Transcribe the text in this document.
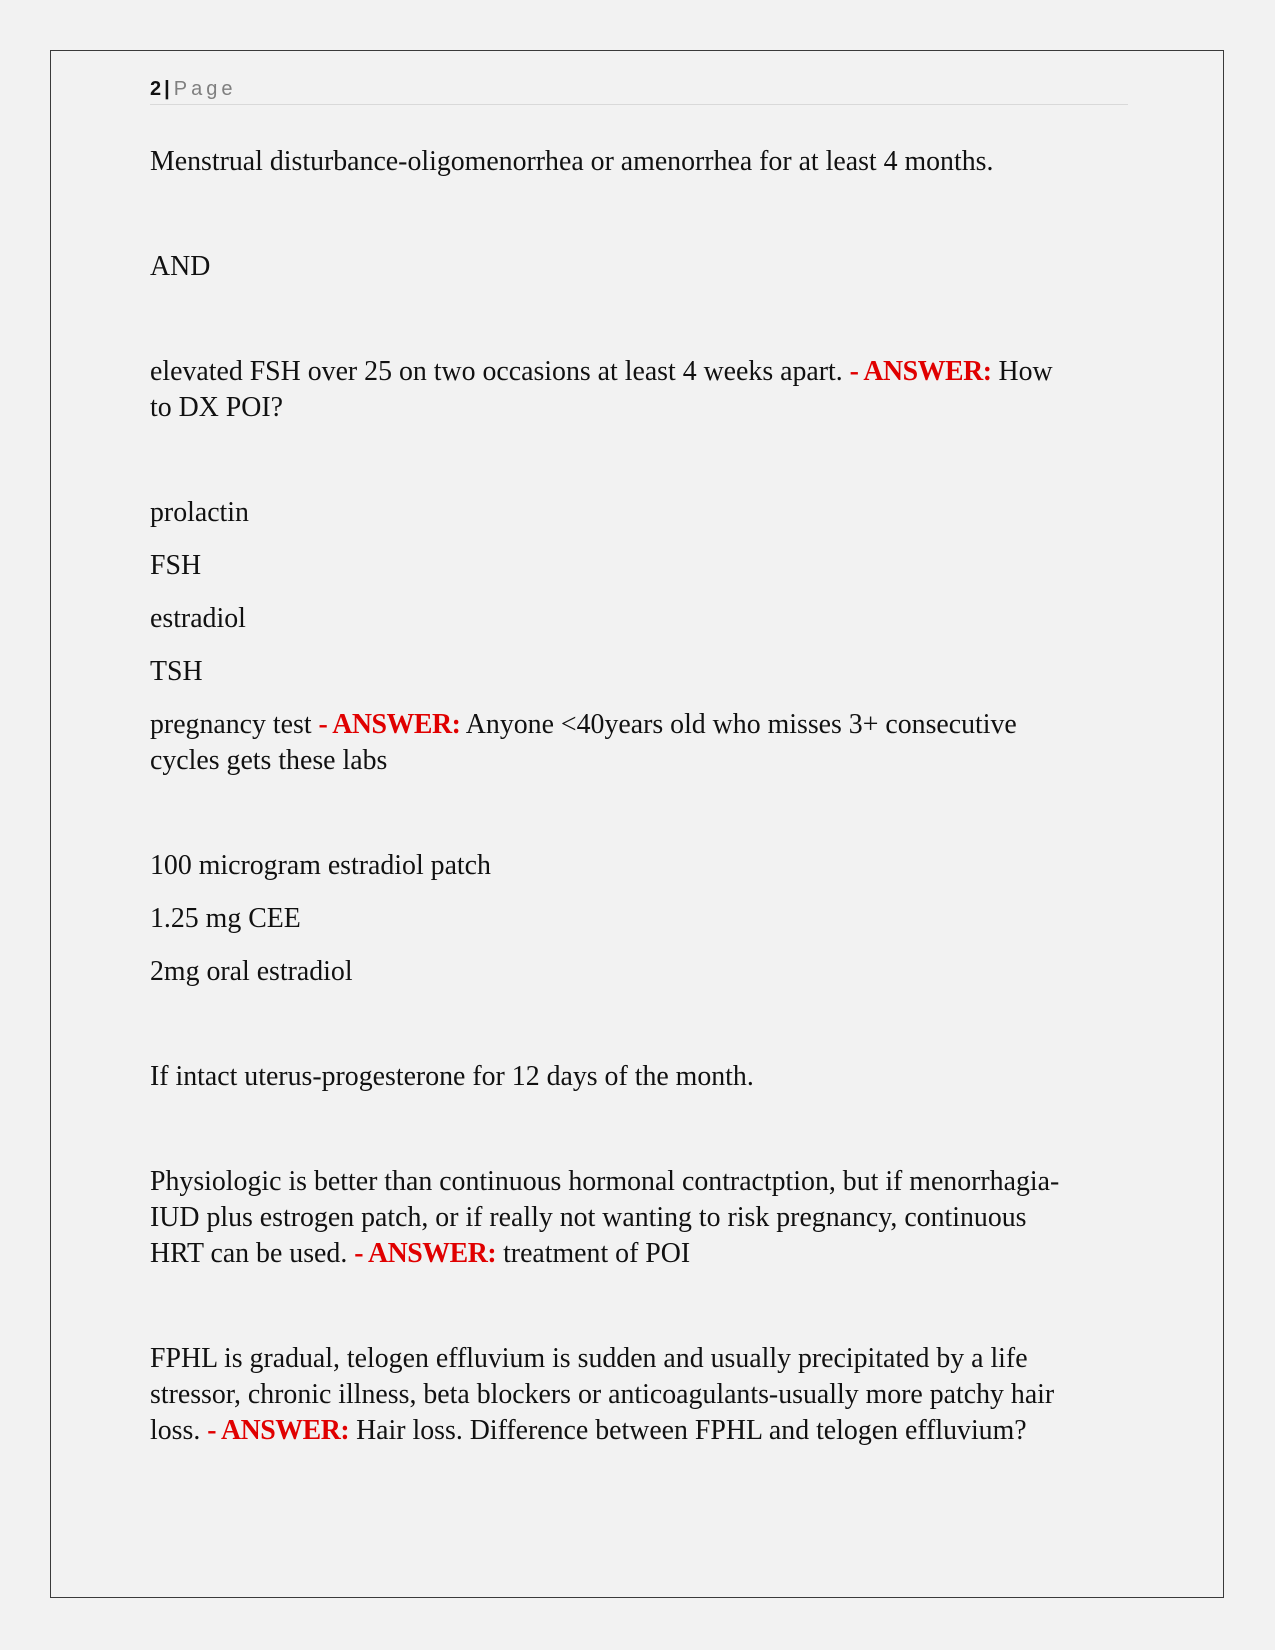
2 | Page

Menstrual disturbance-oligomenorrhea or amenorrhea for at least 4 months.

AND

elevated FSH over 25 on two occasions at least 4 weeks apart. - ANSWER: How to DX POI?

prolactin

FSH

estradiol

TSH

pregnancy test - ANSWER: Anyone <40years old who misses 3+ consecutive cycles gets these labs

100 microgram estradiol patch

1.25 mg CEE

2mg oral estradiol

If intact uterus-progesterone for 12 days of the month.

Physiologic is better than continuous hormonal contractption, but if menorrhagia-IUD plus estrogen patch, or if really not wanting to risk pregnancy, continuous HRT can be used. - ANSWER: treatment of POI

FPHL is gradual, telogen effluvium is sudden and usually precipitated by a life stressor, chronic illness, beta blockers or anticoagulants-usually more patchy hair loss. - ANSWER: Hair loss. Difference between FPHL and telogen effluvium?
